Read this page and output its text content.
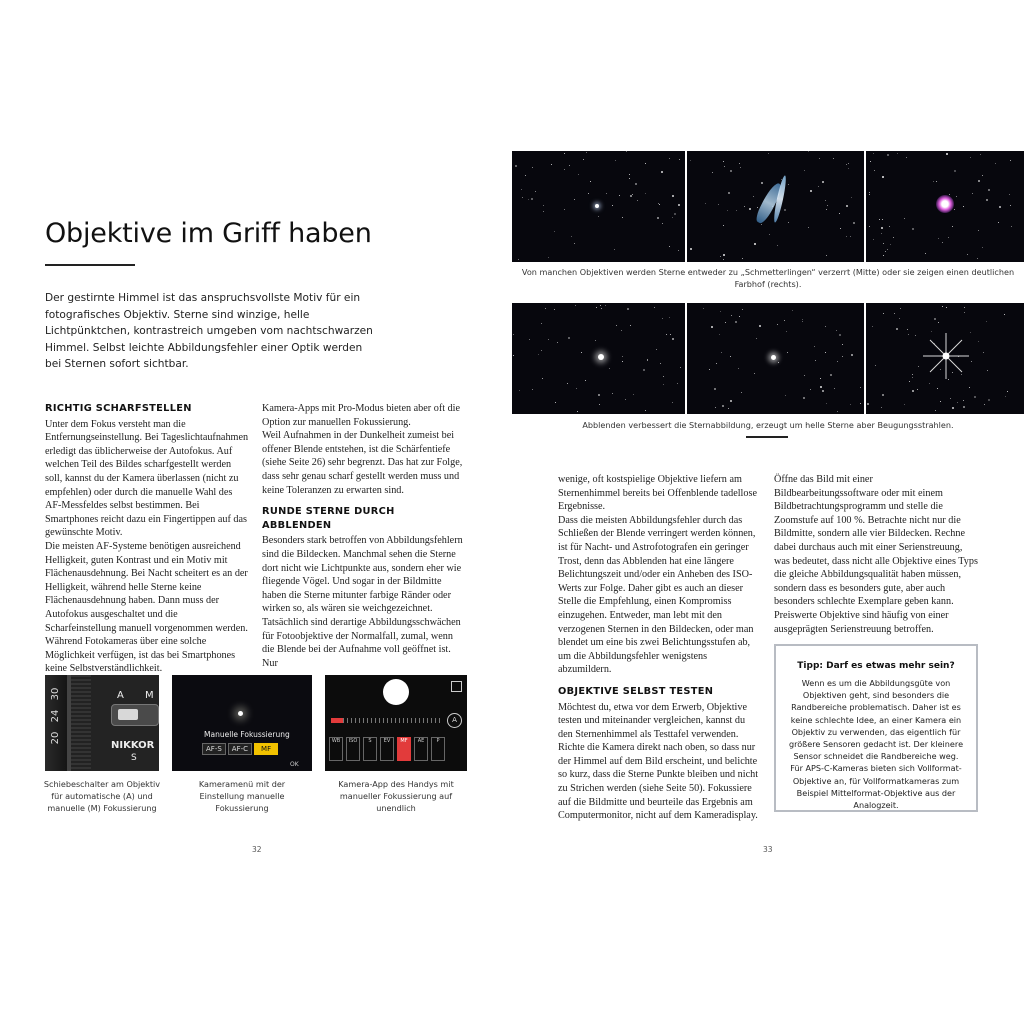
Objektive im Griff haben
Der gestirnte Himmel ist das anspruchsvollste Motiv für ein fotografisches Objektiv. Sterne sind winzige, helle Lichtpünktchen, kontrastreich umgeben vom nachtschwarzen Himmel. Selbst leichte Abbildungsfehler einer Optik werden bei Sternen sofort sichtbar.
RICHTIG SCHARFSTELLEN

Unter dem Fokus versteht man die Entfernungseinstellung. Bei Tageslichtaufnahmen erledigt das üblicherweise der Autofokus. Auf welchen Teil des Bildes scharfgestellt werden soll, kannst du der Kamera überlassen (nicht zu empfehlen) oder durch die manuelle Wahl des AF-Messfeldes selbst bestimmen. Bei Smartphones reicht dazu ein Fingertippen auf das gewünschte Motiv.

Die meisten AF-Systeme benötigen ausreichend Helligkeit, guten Kontrast und ein Motiv mit Flächenausdehnung. Bei Nacht scheitert es an der Helligkeit, während helle Sterne keine Flächenausdehnung haben. Dann muss der Autofokus ausgeschaltet und die Scharfeinstellung manuell vorgenommen werden. Während Fotokameras über eine solche Möglichkeit verfügen, ist das bei Smartphones keine Selbstverständlichkeit.

Kamera-Apps mit Pro-Modus bieten aber oft die Option zur manuellen Fokussierung.

Weil Aufnahmen in der Dunkelheit zumeist bei offener Blende entstehen, ist die Schärfentiefe (siehe Seite 26) sehr begrenzt. Das hat zur Folge, dass sehr genau scharf gestellt werden muss und keine Toleranzen zu erwarten sind.

RUNDE STERNE DURCH ABBLENDEN

Besonders stark betroffen von Abbildungsfehlern sind die Bildecken. Manchmal sehen die Sterne dort nicht wie Lichtpunkte aus, sondern eher wie fliegende Vögel. Und sogar in der Bildmitte haben die Sterne mitunter farbige Ränder oder wirken so, als wären sie weichgezeichnet.

Tatsächlich sind derartige Abbildungsschwächen für Fotoobjektive der Normalfall, zumal, wenn die Blende bei der Aufnahme voll geöffnet ist. Nur

30
24
20
A M
NIKKOR
S
Schiebeschalter am Objektiv für automatische (A) und manuelle (M) Fokussierung
Manuelle Fokussierung
AF-S	AF-C	MF
OK
Kameramenü mit der Einstellung manuelle Fokussierung
A
WB	ISO	S	EV	MF	AE	P
Kamera-App des Handys mit manueller Fokussierung auf unendlich
32
Von manchen Objektiven werden Sterne entweder zu „Schmetterlingen“ verzerrt (Mitte) oder sie zeigen einen deutlichen Farbhof (rechts).
Abblenden verbessert die Sternabbildung, erzeugt um helle Sterne aber Beugungsstrahlen.

wenige, oft kostspielige Objektive liefern am Sternenhimmel bereits bei Offenblende tadellose Ergebnisse.

Dass die meisten Abbildungsfehler durch das Schließen der Blende verringert werden können, ist für Nacht- und Astrofotografen ein geringer Trost, denn das Abblenden hat eine längere Belichtungszeit und/oder ein Anheben des ISO-Werts zur Folge. Daher gibt es auch an dieser Stelle die Empfehlung, einen Kompromiss einzugehen. Entweder, man lebt mit den verzogenen Sternen in den Bildecken, oder man blendet um eine bis zwei Belichtungsstufen ab, um die Abbildungsfehler wenigstens abzumildern.

OBJEKTIVE SELBST TESTEN

Möchtest du, etwa vor dem Erwerb, Objektive testen und miteinander vergleichen, kannst du den Sternenhimmel als Testtafel verwenden. Richte die Kamera direkt nach oben, so dass nur der Himmel auf dem Bild erscheint, und belichte so kurz, dass die Sterne Punkte bleiben und nicht zu Strichen werden (siehe Seite 50). Fokussiere auf die Bildmitte und beurteile das Ergebnis am Computermonitor, nicht auf dem Kameradisplay.

Öffne das Bild mit einer Bildbearbeitungssoftware oder mit einem Bildbetrachtungsprogramm und stelle die Zoomstufe auf 100 %. Betrachte nicht nur die Bildmitte, sondern alle vier Bildecken. Rechne dabei durchaus auch mit einer Serienstreuung, was bedeutet, dass nicht alle Objektive eines Typs die gleiche Abbildungsqualität haben müssen, sondern dass es besonders gute, aber auch besonders schlechte Exemplare geben kann. Preiswerte Objektive sind häufig von einer ausgeprägten Serienstreuung betroffen.

Tipp: Darf es etwas mehr sein?
Wenn es um die Abbildungsgüte von Objektiven geht, sind besonders die Randbereiche problematisch. Daher ist es keine schlechte Idee, an einer Kamera ein Objektiv zu verwenden, das eigentlich für größere Sensoren gedacht ist. Der kleinere Sensor schneidet die Randbereiche weg. Für APS-C-Kameras bieten sich Vollformat-Objektive an, für Vollformatkameras zum Beispiel Mittelformat-Objektive aus der Analogzeit.
33
